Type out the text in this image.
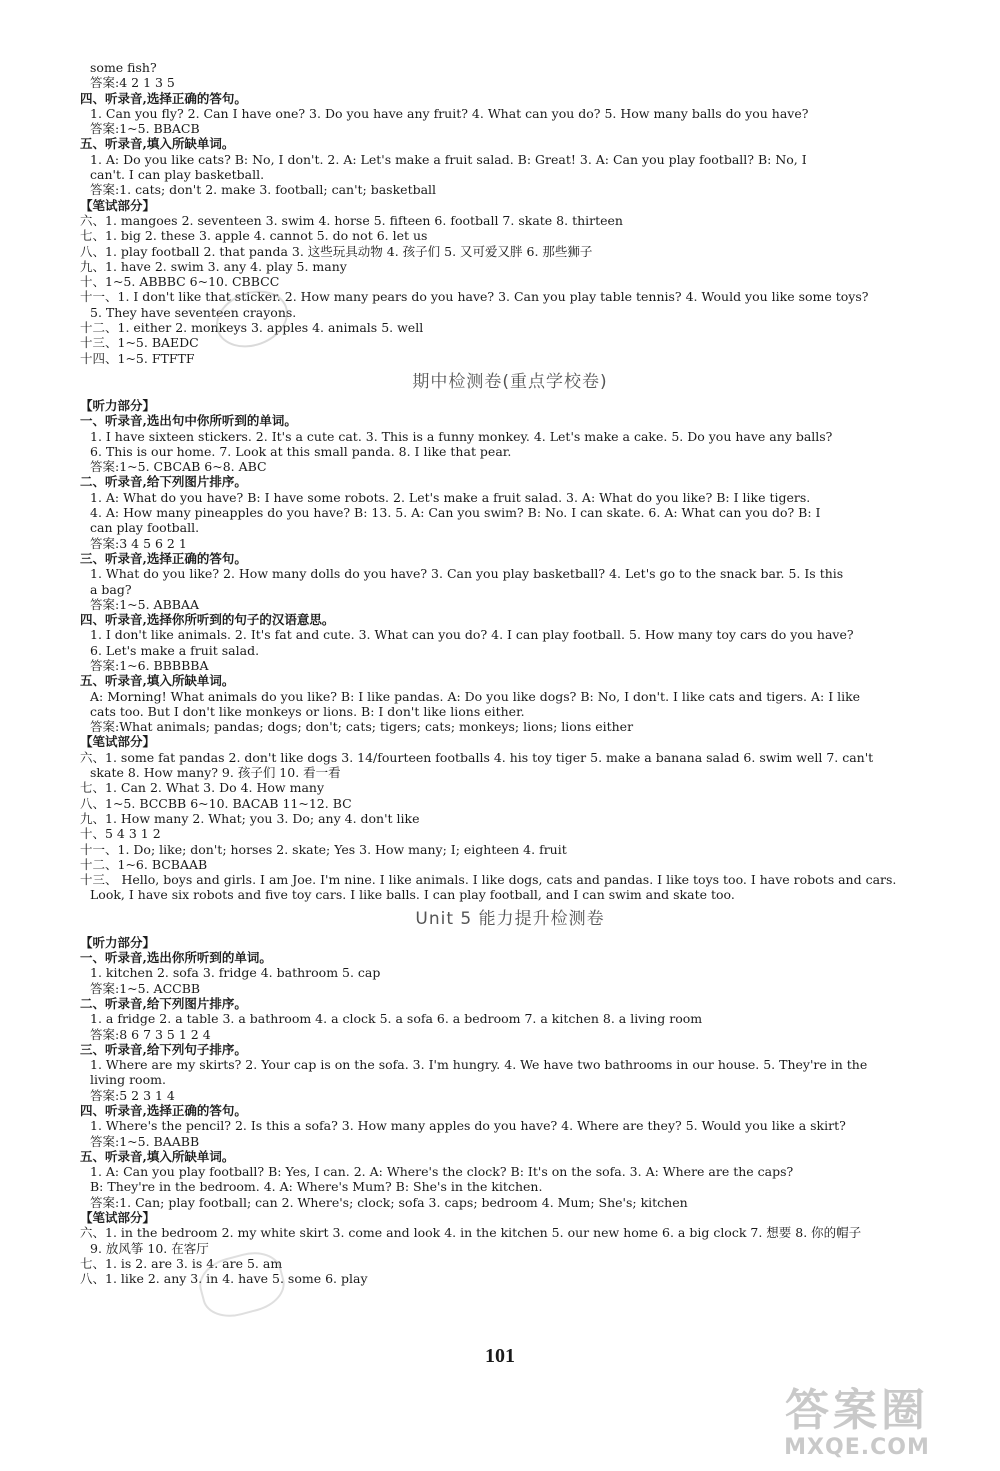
some fish?
答案:4 2 1 3 5
四、听录音,选择正确的答句。
1. Can you fly? 2. Can I have one? 3. Do you have any fruit? 4. What can you do? 5. How many balls do you have?
答案:1~5. BBACB
五、听录音,填入所缺单词。
1. A: Do you like cats? B: No, I don't. 2. A: Let's make a fruit salad. B: Great! 3. A: Can you play football? B: No, I
can't. I can play basketball.
答案:1. cats; don't 2. make 3. football; can't; basketball
【笔试部分】
六、1. mangoes 2. seventeen 3. swim 4. horse 5. fifteen 6. football 7. skate 8. thirteen
七、1. big 2. these 3. apple 4. cannot 5. do not 6. let us
八、1. play football 2. that panda 3. 这些玩具动物 4. 孩子们 5. 又可爱又胖 6. 那些狮子
九、1. have 2. swim 3. any 4. play 5. many
十、1~5. ABBBC 6~10. CBBCC
十一、1. I don't like that sticker. 2. How many pears do you have? 3. Can you play table tennis? 4. Would you like some toys?
5. They have seventeen crayons.
十二、1. either 2. monkeys 3. apples 4. animals 5. well
十三、1~5. BAEDC
十四、1~5. FTFTF
期中检测卷(重点学校卷)
【听力部分】
一、听录音,选出句中你所听到的单词。
1. I have sixteen stickers. 2. It's a cute cat. 3. This is a funny monkey. 4. Let's make a cake. 5. Do you have any balls?
6. This is our home. 7. Look at this small panda. 8. I like that pear.
答案:1~5. CBCAB 6~8. ABC
二、听录音,给下列图片排序。
1. A: What do you have? B: I have some robots. 2. Let's make a fruit salad. 3. A: What do you like? B: I like tigers.
4. A: How many pineapples do you have? B: 13. 5. A: Can you swim? B: No. I can skate. 6. A: What can you do? B: I
can play football.
答案:3 4 5 6 2 1
三、听录音,选择正确的答句。
1. What do you like? 2. How many dolls do you have? 3. Can you play basketball? 4. Let's go to the snack bar. 5. Is this
a bag?
答案:1~5. ABBAA
四、听录音,选择你所听到的句子的汉语意思。
1. I don't like animals. 2. It's fat and cute. 3. What can you do? 4. I can play football. 5. How many toy cars do you have?
6. Let's make a fruit salad.
答案:1~6. BBBBBA
五、听录音,填入所缺单词。
A: Morning! What animals do you like? B: I like pandas. A: Do you like dogs? B: No, I don't. I like cats and tigers. A: I like
cats too. But I don't like monkeys or lions. B: I don't like lions either.
答案:What animals; pandas; dogs; don't; cats; tigers; cats; monkeys; lions; lions either
【笔试部分】
六、1. some fat pandas 2. don't like dogs 3. 14/fourteen footballs 4. his toy tiger 5. make a banana salad 6. swim well 7. can't
skate 8. How many? 9. 孩子们 10. 看一看
七、1. Can 2. What 3. Do 4. How many
八、1~5. BCCBB 6~10. BACAB 11~12. BC
九、1. How many 2. What; you 3. Do; any 4. don't like
十、5 4 3 1 2
十一、1. Do; like; don't; horses 2. skate; Yes 3. How many; I; eighteen 4. fruit
十二、1~6. BCBAAB
十三、 Hello, boys and girls. I am Joe. I'm nine. I like animals. I like dogs, cats and pandas. I like toys too. I have robots and cars.
Look, I have six robots and five toy cars. I like balls. I can play football, and I can swim and skate too.
Unit 5 能力提升检测卷
【听力部分】
一、听录音,选出你所听到的单词。
1. kitchen 2. sofa 3. fridge 4. bathroom 5. cap
答案:1~5. ACCBB
二、听录音,给下列图片排序。
1. a fridge 2. a table 3. a bathroom 4. a clock 5. a sofa 6. a bedroom 7. a kitchen 8. a living room
答案:8 6 7 3 5 1 2 4
三、听录音,给下列句子排序。
1. Where are my skirts? 2. Your cap is on the sofa. 3. I'm hungry. 4. We have two bathrooms in our house. 5. They're in the
living room.
答案:5 2 3 1 4
四、听录音,选择正确的答句。
1. Where's the pencil? 2. Is this a sofa? 3. How many apples do you have? 4. Where are they? 5. Would you like a skirt?
答案:1~5. BAABB
五、听录音,填入所缺单词。
1. A: Can you play football? B: Yes, I can. 2. A: Where's the clock? B: It's on the sofa. 3. A: Where are the caps?
B: They're in the bedroom. 4. A: Where's Mum? B: She's in the kitchen.
答案:1. Can; play football; can 2. Where's; clock; sofa 3. caps; bedroom 4. Mum; She's; kitchen
【笔试部分】
六、1. in the bedroom 2. my white skirt 3. come and look 4. in the kitchen 5. our new home 6. a big clock 7. 想要 8. 你的帽子
9. 放风筝 10. 在客厅
七、1. is 2. are 3. is 4. are 5. am
八、1. like 2. any 3. in 4. have 5. some 6. play
101
答案圈
MXQE.COM
